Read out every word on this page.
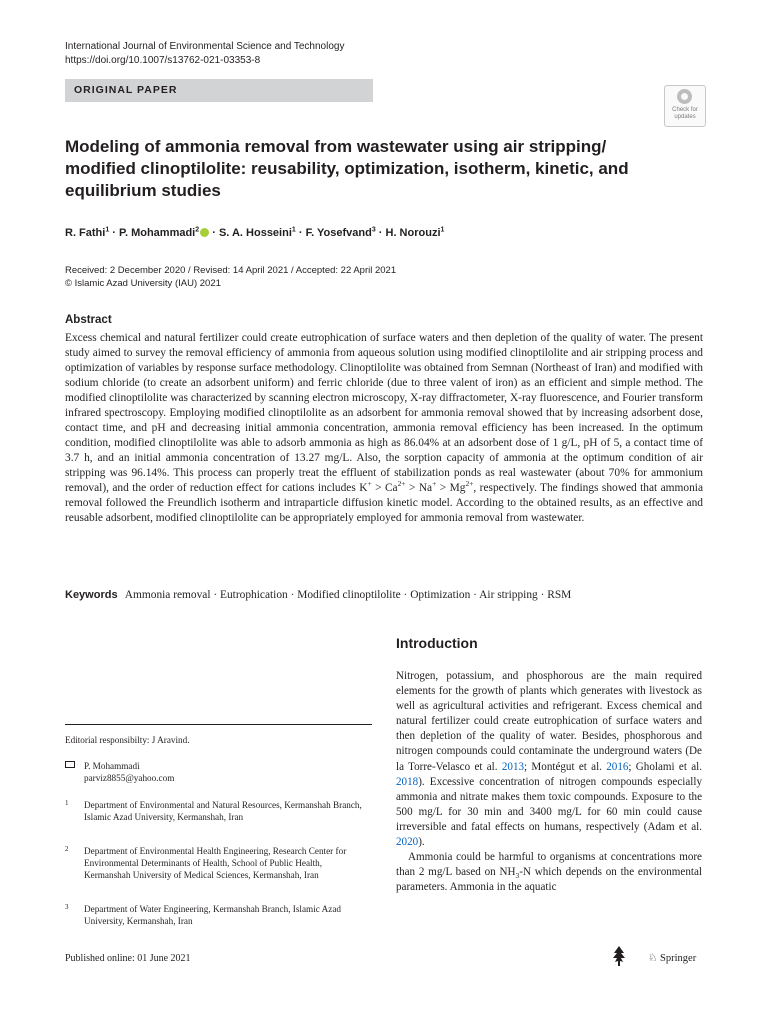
International Journal of Environmental Science and Technology
https://doi.org/10.1007/s13762-021-03353-8
ORIGINAL PAPER
Check for
updates
Modeling of ammonia removal from wastewater using air stripping/ modified clinoptilolite: reusability, optimization, isotherm, kinetic, and equilibrium studies
R. Fathi$^1$ · P. Mohammadi$^2$ · S. A. Hosseini$^1$ · F. Yosefvand$^3$ · H. Norouzi$^1$
Received: 2 December 2020 / Revised: 14 April 2021 / Accepted: 22 April 2021
© Islamic Azad University (IAU) 2021
Abstract
Excess chemical and natural fertilizer could create eutrophication of surface waters and then depletion of the quality of water. The present study aimed to survey the removal efficiency of ammonia from aqueous solution using modified clinoptilolite and air stripping process and optimization of variables by response surface methodology. Clinoptilolite was obtained from Semnan (Northeast of Iran) and modified with sodium chloride (to create an adsorbent uniform) and ferric chloride (due to three valent of iron) as an efficient and simple method. The modified clinoptilolite was characterized by scanning electron microscopy, X-ray diffractometer, X-ray fluorescence, and Fourier transform infrared spectroscopy. Employing modified clinoptilolite as an adsorbent for ammonia removal showed that by increasing adsorbent dose, contact time, and pH and decreasing initial ammonia concentration, ammonia removal efficiency has been increased. In the optimum condition, modified clinoptilolite was able to adsorb ammonia as high as 86.04% at an adsorbent dose of 1 g/L, pH of 5, a contact time of 3.7 h, and an initial ammonia concentration of 13.27 mg/L. Also, the sorption capacity of ammonia at the optimum condition of air stripping was 96.14%. This process can properly treat the effluent of stabilization ponds as real wastewater (about 70% for ammonium removal), and the order of reduction effect for cations includes $K^+ > Ca^{2+} > Na^+ > Mg^{2+}$, respectively. The findings showed that ammonia removal followed the Freundlich isotherm and intraparticle diffusion kinetic model. According to the obtained results, as an effective and reusable adsorbent, modified clinoptilolite can be appropriately employed for ammonia removal from wastewater.
Keywords Ammonia removal · Eutrophication · Modified clinoptilolite · Optimization · Air stripping · RSM
Introduction

Nitrogen, potassium, and phosphorous are the main required elements for the growth of plants which generates with livestock as well as agricultural activities and refrigerant. Excess chemical and natural fertilizer could create eutrophication of surface waters and then depletion of the quality of water. Besides, phosphorous and nitrogen compounds could contaminate the underground waters (De la Torre-Velasco et al. 2013; Montégut et al. 2016; Gholami et al. 2018). Excessive concentration of nitrogen compounds especially ammonia and nitrate makes them toxic compounds. Exposure to the 500 mg/L for 30 min and 3400 mg/L for 60 min could cause irreversible and fatal effects on humans, respectively (Adam et al. 2020).

Ammonia could be harmful to organisms at concentrations more than 2 mg/L based on $NH_3-N$ which depends on the environmental parameters. Ammonia in the aquatic

Editorial responsibilty: J Aravind.
P. Mohammadi
parviz8855@yahoo.com
1 Department of Environmental and Natural Resources, Kermanshah Branch, Islamic Azad University, Kermanshah, Iran
2 Department of Environmental Health Engineering, Research Center for Environmental Determinants of Health, School of Public Health, Kermanshah University of Medical Sciences, Kermanshah, Iran
3 Department of Water Engineering, Kermanshah Branch, Islamic Azad University, Kermanshah, Iran
Published online: 01 June 2021	♘ Springer
